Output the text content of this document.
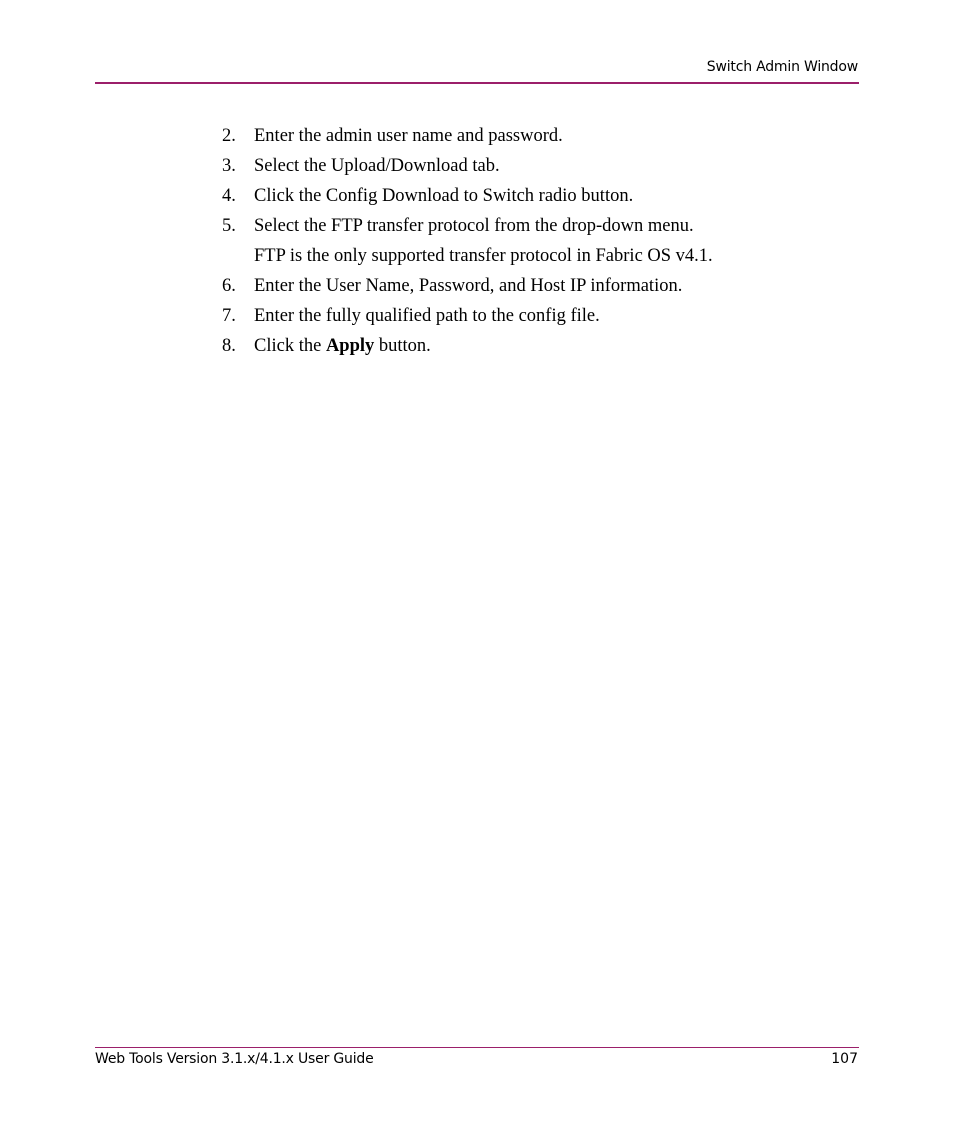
Switch Admin Window
2. Enter the admin user name and password.
3. Select the Upload/Download tab.
4. Click the Config Download to Switch radio button.
5. Select the FTP transfer protocol from the drop-down menu.
FTP is the only supported transfer protocol in Fabric OS v4.1.
6. Enter the User Name, Password, and Host IP information.
7. Enter the fully qualified path to the config file.
8. Click the Apply button.
Web Tools Version 3.1.x/4.1.x User Guide	107
